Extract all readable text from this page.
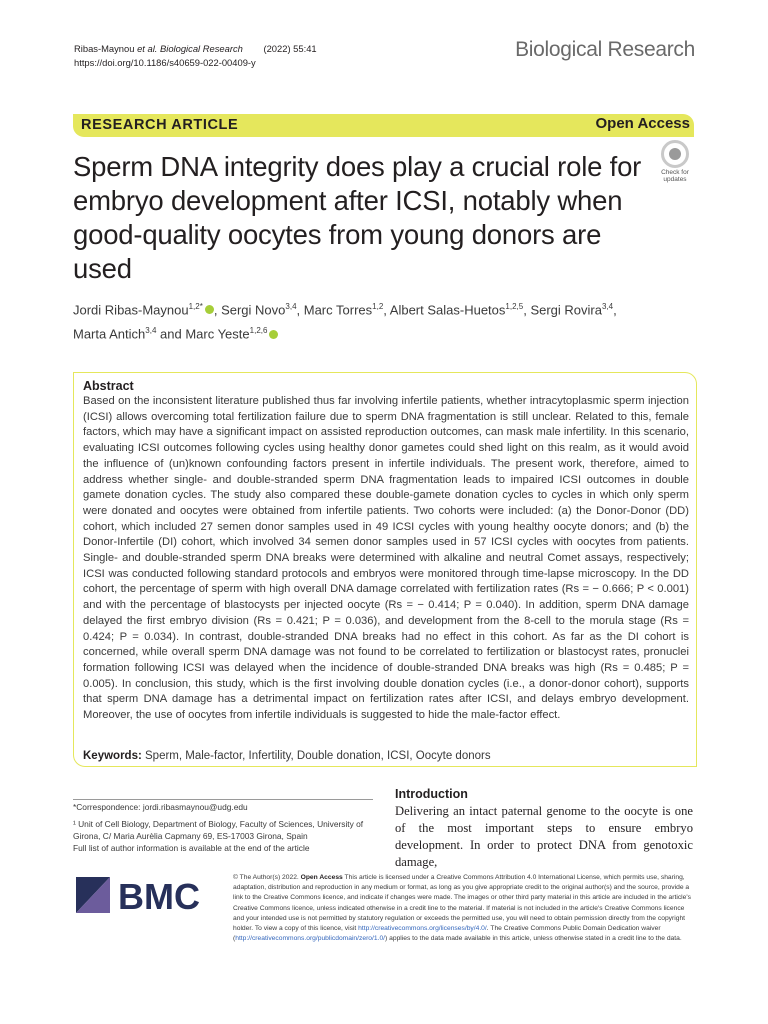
Ribas-Maynou et al. Biological Research (2022) 55:41
https://doi.org/10.1186/s40659-022-00409-y
Biological Research
RESEARCH ARTICLE	Open Access
Sperm DNA integrity does play a crucial role for embryo development after ICSI, notably when good-quality oocytes from young donors are used
Check for
updates
Jordi Ribas-Maynou$^{1,2*}$ , Sergi Novo$^{3,4}$, Marc Torres$^{1,2}$, Albert Salas-Huetos$^{1,2,5}$, Sergi Rovira$^{3,4}$,
Marta Antich$^{3,4}$ and Marc Yeste$^{1,2,6}$
Abstract

Based on the inconsistent literature published thus far involving infertile patients, whether intracytoplasmic sperm injection (ICSI) allows overcoming total fertilization failure due to sperm DNA fragmentation is still unclear. Related to this, female factors, which may have a significant impact on assisted reproduction outcomes, can mask male infertility. In this scenario, evaluating ICSI outcomes following cycles using healthy donor gametes could shed light on this realm, as it would avoid the influence of (un)known confounding factors present in infertile individuals. The present work, therefore, aimed to address whether single- and double-stranded sperm DNA fragmentation leads to impaired ICSI outcomes in double gamete donation cycles. The study also compared these double-gamete donation cycles to cycles in which only sperm were donated and oocytes were obtained from infertile patients. Two cohorts were included: (a) the Donor-Donor (DD) cohort, which included 27 semen donor samples used in 49 ICSI cycles with young healthy oocyte donors; and (b) the Donor-Infertile (DI) cohort, which involved 34 semen donor samples used in 57 ICSI cycles with oocytes from patients. Single- and double-stranded sperm DNA breaks were determined with alkaline and neutral Comet assays, respectively; ICSI was conducted following standard protocols and embryos were monitored through time-lapse microscopy. In the DD cohort, the percentage of sperm with high overall DNA damage correlated with fertilization rates (Rs = − 0.666; P < 0.001) and with the percentage of blastocysts per injected oocyte (Rs = − 0.414; P = 0.040). In addition, sperm DNA damage delayed the first embryo division (Rs = 0.421; P = 0.036), and development from the 8-cell to the morula stage (Rs = 0.424; P = 0.034). In contrast, double-stranded DNA breaks had no effect in this cohort. As far as the DI cohort is concerned, while overall sperm DNA damage was not found to be correlated to fertilization or blastocyst rates, pronuclei formation following ICSI was delayed when the incidence of double-stranded DNA breaks was high (Rs = 0.485; P = 0.005). In conclusion, this study, which is the first involving double donation cycles (i.e., a donor-donor cohort), supports that sperm DNA damage has a detrimental impact on fertilization rates after ICSI, and delays embryo development. Moreover, the use of oocytes from infertile individuals is suggested to hide the male-factor effect.

Keywords: Sperm, Male-factor, Infertility, Double donation, ICSI, Oocyte donors
*Correspondence: jordi.ribasmaynou@udg.edu
¹ Unit of Cell Biology, Department of Biology, Faculty of Sciences, University of Girona, C/ Maria Aurèlia Capmany 69, ES-17003 Girona, Spain
Full list of author information is available at the end of the article
Introduction
Delivering an intact paternal genome to the oocyte is one of the most important steps to ensure embryo development. In order to protect DNA from genotoxic damage,
BMC	© The Author(s) 2022. Open Access This article is licensed under a Creative Commons Attribution 4.0 International License, which permits use, sharing, adaptation, distribution and reproduction in any medium or format, as long as you give appropriate credit to the original author(s) and the source, provide a link to the Creative Commons licence, and indicate if changes were made. The images or other third party material in this article are included in the article's Creative Commons licence, unless indicated otherwise in a credit line to the material. If material is not included in the article's Creative Commons licence and your intended use is not permitted by statutory regulation or exceeds the permitted use, you will need to obtain permission directly from the copyright holder. To view a copy of this licence, visit http://creativecommons.org/licenses/by/4.0/. The Creative Commons Public Domain Dedication waiver (http://creativecommons.org/publicdomain/zero/1.0/) applies to the data made available in this article, unless otherwise stated in a credit line to the data.
